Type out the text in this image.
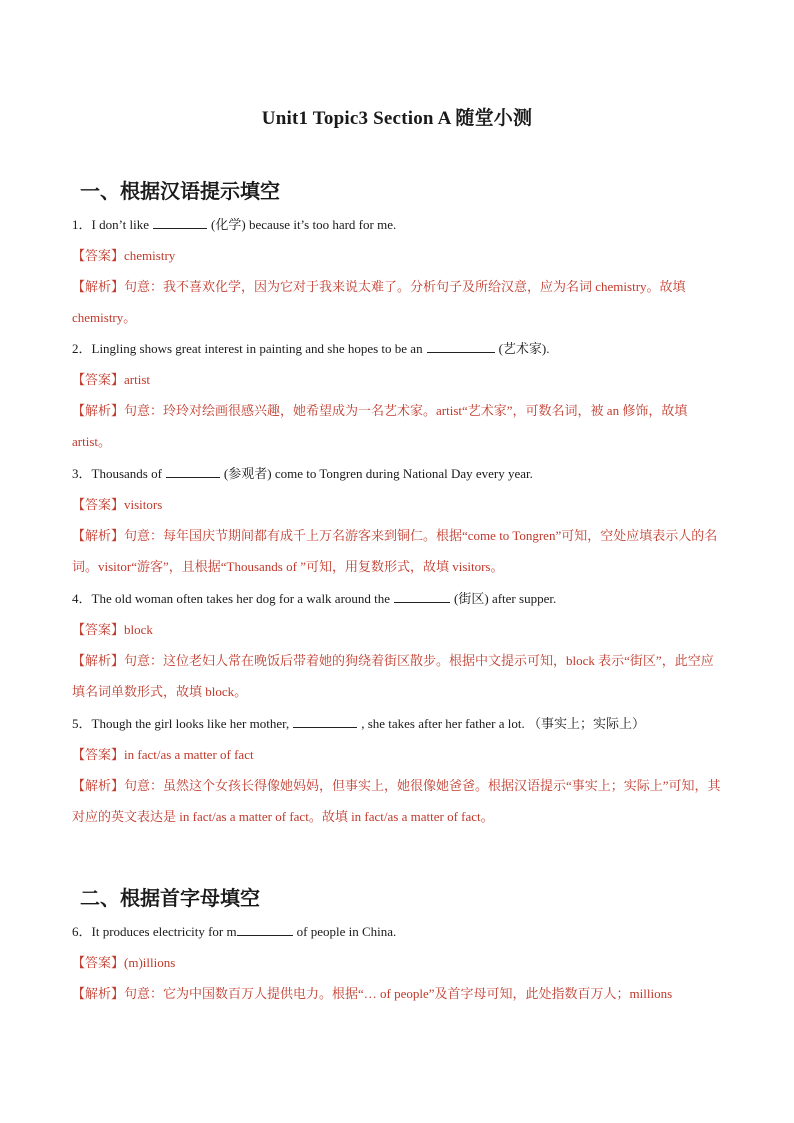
Unit1 Topic3 Section A 随堂小测
一、根据汉语提示填空
1．I don’t like	(化学) because it’s too hard for me.
【答案】chemistry
【解析】句意：我不喜欢化学，因为它对于我来说太难了。分析句子及所给汉意，应为名词 chemistry。故填 chemistry。
2．Lingling shows great interest in painting and she hopes to be an	(艺术家).
【答案】artist
【解析】句意：玲玲对绘画很感兴趣，她希望成为一名艺术家。artist“艺术家”，可数名词，被 an 修饰，故填 artist。
3．Thousands of	(参观者) come to Tongren during National Day every year.
【答案】visitors
【解析】句意：每年国庆节期间都有成千上万名游客来到铜仁。根据“come to Tongren”可知，空处应填表示人的名词。visitor“游客”，且根据“Thousands of ”可知，用复数形式，故填 visitors。
4．The old woman often takes her dog for a walk around the	(街区) after supper.
【答案】block
【解析】句意：这位老妇人常在晚饭后带着她的狗绕着街区散步。根据中文提示可知，block 表示“街区”，此空应填名词单数形式，故填 block。
5．Though the girl looks like her mother,	, she takes after her father a lot. （事实上；实际上）
【答案】in fact/as a matter of fact
【解析】句意：虽然这个女孩长得像她妈妈，但事实上，她很像她爸爸。根据汉语提示“事实上；实际上”可知，其对应的英文表达是 in fact/as a matter of fact。故填 in fact/as a matter of fact。
二、根据首字母填空
6．It produces electricity for m	of people in China.
【答案】(m)illions
【解析】句意：它为中国数百万人提供电力。根据“… of people”及首字母可知，此处指数百万人；millions
